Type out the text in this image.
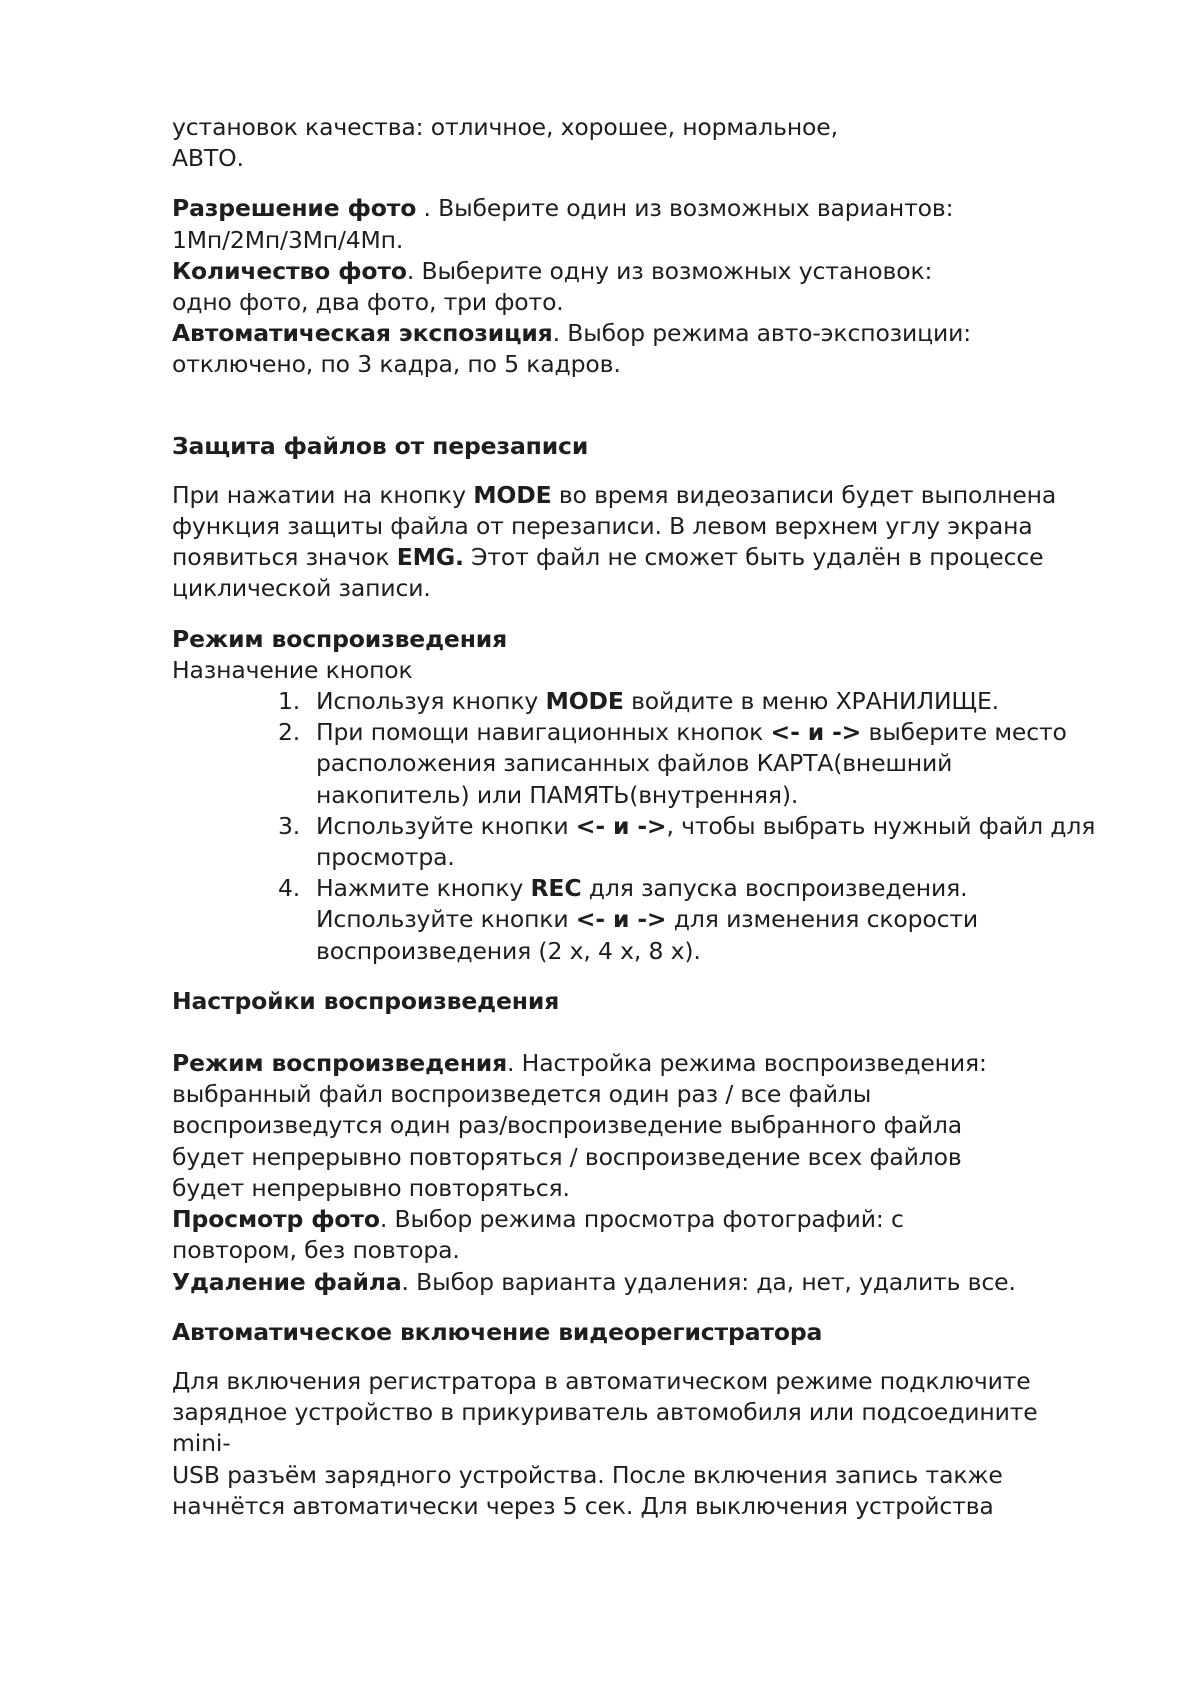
установок качества: отличное, хорошее, нормальное,

АВТО.

Разрешение фото . Выберите один из возможных вариантов:

1Мп/2Мп/3Мп/4Мп.

Количество фото. Выберите одну из возможных установок:

одно фото, два фото, три фото.

Автоматическая экспозиция. Выбор режима авто-экспозиции:

отключено, по 3 кадра, по 5 кадров.

Защита файлов от перезаписи

При нажатии на кнопку MODE во время видеозаписи будет выполнена

функция защиты файла от перезаписи. В левом верхнем углу экрана

появиться значок EMG. Этот файл не сможет быть удалён в процессе

циклической записи.

Режим воспроизведения

Назначение кнопок

1. Используя кнопку MODE войдите в меню ХРАНИЛИЩЕ.
2. При помощи навигационных кнопок <- и -> выберите место
расположения записанных файлов КАРТА(внешний
накопитель) или ПАМЯТЬ(внутренняя).
3. Используйте кнопки <- и ->, чтобы выбрать нужный файл для
просмотра.
4. Нажмите кнопку REC для запуска воспроизведения.
Используйте кнопки <- и -> для изменения скорости
воспроизведения (2 х, 4 х, 8 х).

Настройки воспроизведения

Режим воспроизведения. Настройка режима воспроизведения:

выбранный файл воспроизведется один раз / все файлы

воспроизведутся один раз/воспроизведение выбранного файла

будет непрерывно повторяться / воспроизведение всех файлов

будет непрерывно повторяться.

Просмотр фото. Выбор режима просмотра фотографий: с

повтором, без повтора.

Удаление файла. Выбор варианта удаления: да, нет, удалить все.

Автоматическое включение видеорегистратора

Для включения регистратора в автоматическом режиме подключите

зарядное устройство в прикуриватель автомобиля или подсоедините mini-

USB разъём зарядного устройства. После включения запись также

начнётся автоматически через 5 сек. Для выключения устройства
